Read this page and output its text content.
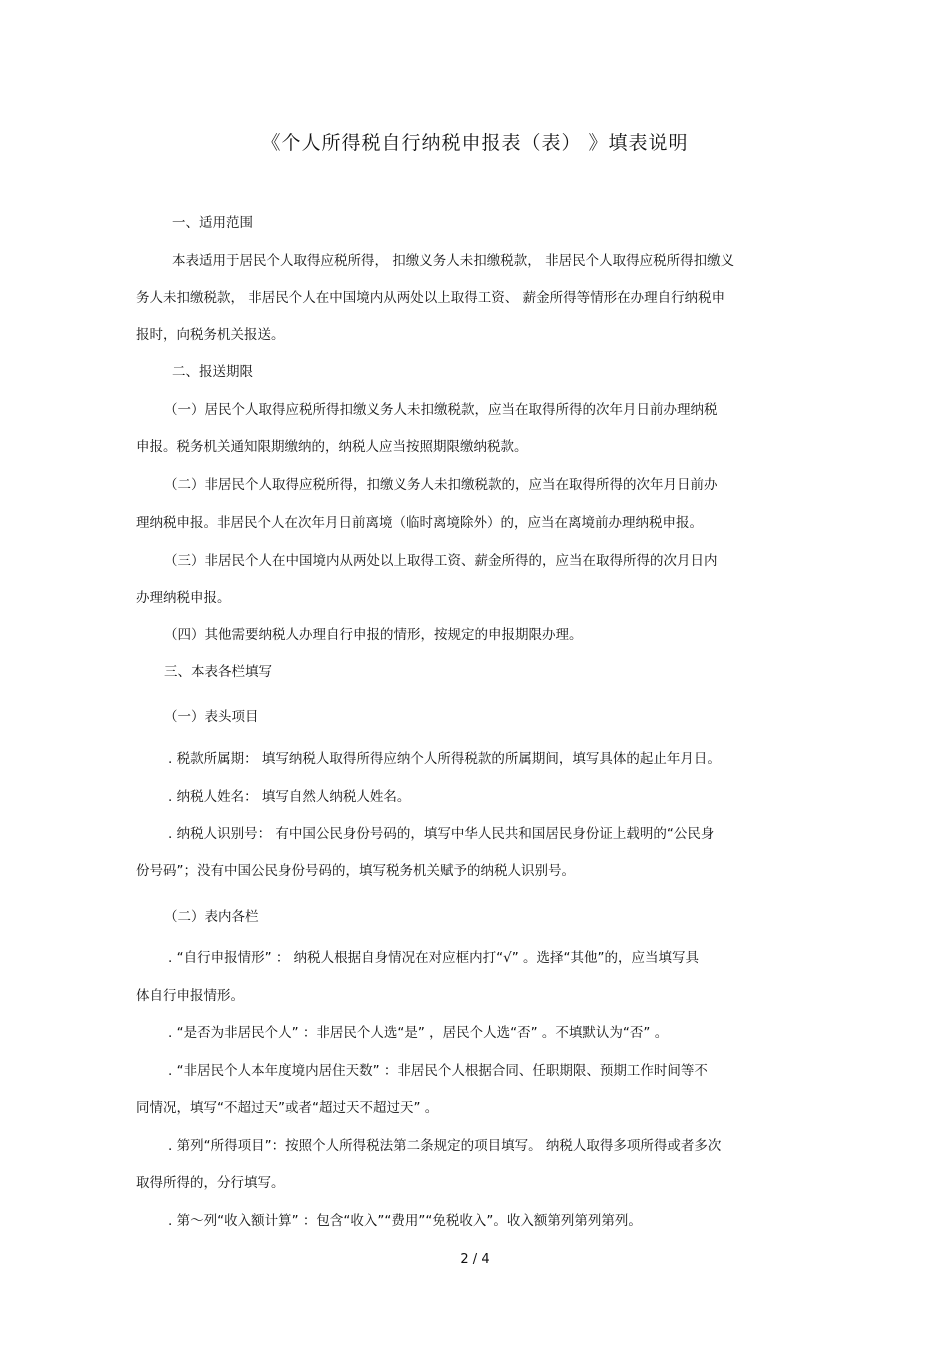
《个人所得税自行纳税申报表（表） 》填表说明
一、适用范围
本表适用于居民个人取得应税所得， 扣缴义务人未扣缴税款， 非居民个人取得应税所得扣缴义
务人未扣缴税款， 非居民个人在中国境内从两处以上取得工资、 薪金所得等情形在办理自行纳税申
报时，向税务机关报送。
二、报送期限
（一）居民个人取得应税所得扣缴义务人未扣缴税款，应当在取得所得的次年月日前办理纳税
申报。税务机关通知限期缴纳的，纳税人应当按照期限缴纳税款。
（二）非居民个人取得应税所得，扣缴义务人未扣缴税款的，应当在取得所得的次年月日前办
理纳税申报。非居民个人在次年月日前离境（临时离境除外）的，应当在离境前办理纳税申报。
（三）非居民个人在中国境内从两处以上取得工资、薪金所得的，应当在取得所得的次月日内
办理纳税申报。
（四）其他需要纳税人办理自行申报的情形，按规定的申报期限办理。
三、本表各栏填写
（一）表头项目
. 税款所属期： 填写纳税人取得所得应纳个人所得税款的所属期间，填写具体的起止年月日。
. 纳税人姓名： 填写自然人纳税人姓名。
. 纳税人识别号： 有中国公民身份号码的，填写中华人民共和国居民身份证上载明的“公民身
份号码”；没有中国公民身份号码的，填写税务机关赋予的纳税人识别号。
（二）表内各栏
. “自行申报情形” ： 纳税人根据自身情况在对应框内打“√” 。选择“其他”的，应当填写具
体自行申报情形。
. “是否为非居民个人” ：非居民个人选“是” ，居民个人选“否” 。不填默认为“否” 。
. “非居民个人本年度境内居住天数” ：非居民个人根据合同、任职期限、预期工作时间等不
同情况，填写“不超过天”或者“超过天不超过天” 。
. 第列“所得项目”：按照个人所得税法第二条规定的项目填写。 纳税人取得多项所得或者多次
取得所得的，分行填写。
. 第～列“收入额计算” ：包含“收入”“费用”“免税收入”。收入额第列第列第列。
2 / 4
